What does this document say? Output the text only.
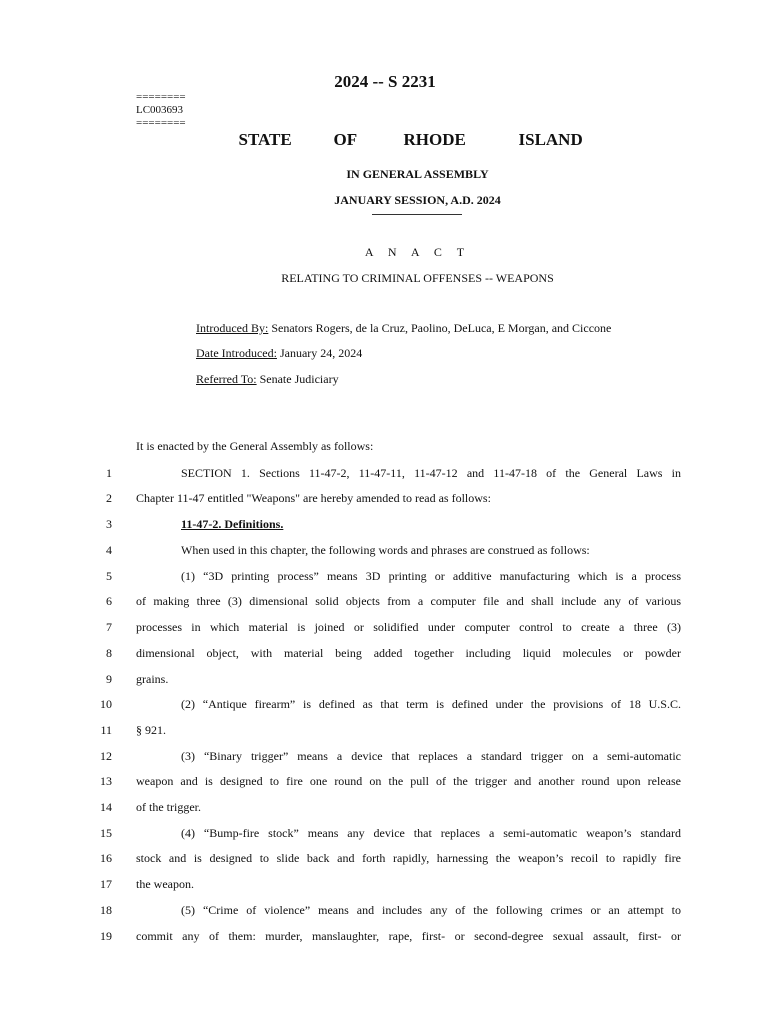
2024 -- S 2231
========
LC003693
========
STATE OF	RHODE	ISLAND
IN GENERAL ASSEMBLY
JANUARY SESSION, A.D. 2024
A N A C T
RELATING TO CRIMINAL OFFENSES -- WEAPONS
Introduced By: Senators Rogers, de la Cruz, Paolino, DeLuca, E Morgan, and Ciccone
Date Introduced: January 24, 2024
Referred To: Senate Judiciary
It is enacted by the General Assembly as follows:
1	SECTION 1. Sections 11-47-2, 11-47-11, 11-47-12 and 11-47-18 of the General Laws in
2 Chapter 11-47 entitled "Weapons" are hereby amended to read as follows:
3	11-47-2. Definitions.
4	When used in this chapter, the following words and phrases are construed as follows:
5	(1) “3D printing process” means 3D printing or additive manufacturing which is a process
6 of making three (3) dimensional solid objects from a computer file and shall include any of various
7 processes in which material is joined or solidified under computer control to create a three (3)
8 dimensional object, with material being added together including liquid molecules or powder
9 grains.
10	(2) “Antique firearm” is defined as that term is defined under the provisions of 18 U.S.C.
11 § 921.
12	(3) “Binary trigger” means a device that replaces a standard trigger on a semi-automatic
13 weapon and is designed to fire one round on the pull of the trigger and another round upon release
14 of the trigger.
15	(4) “Bump-fire stock” means any device that replaces a semi-automatic weapon’s standard
16 stock and is designed to slide back and forth rapidly, harnessing the weapon’s recoil to rapidly fire
17 the weapon.
18	(5) “Crime of violence” means and includes any of the following crimes or an attempt to
19 commit any of them: murder, manslaughter, rape, first- or second-degree sexual assault, first- or
